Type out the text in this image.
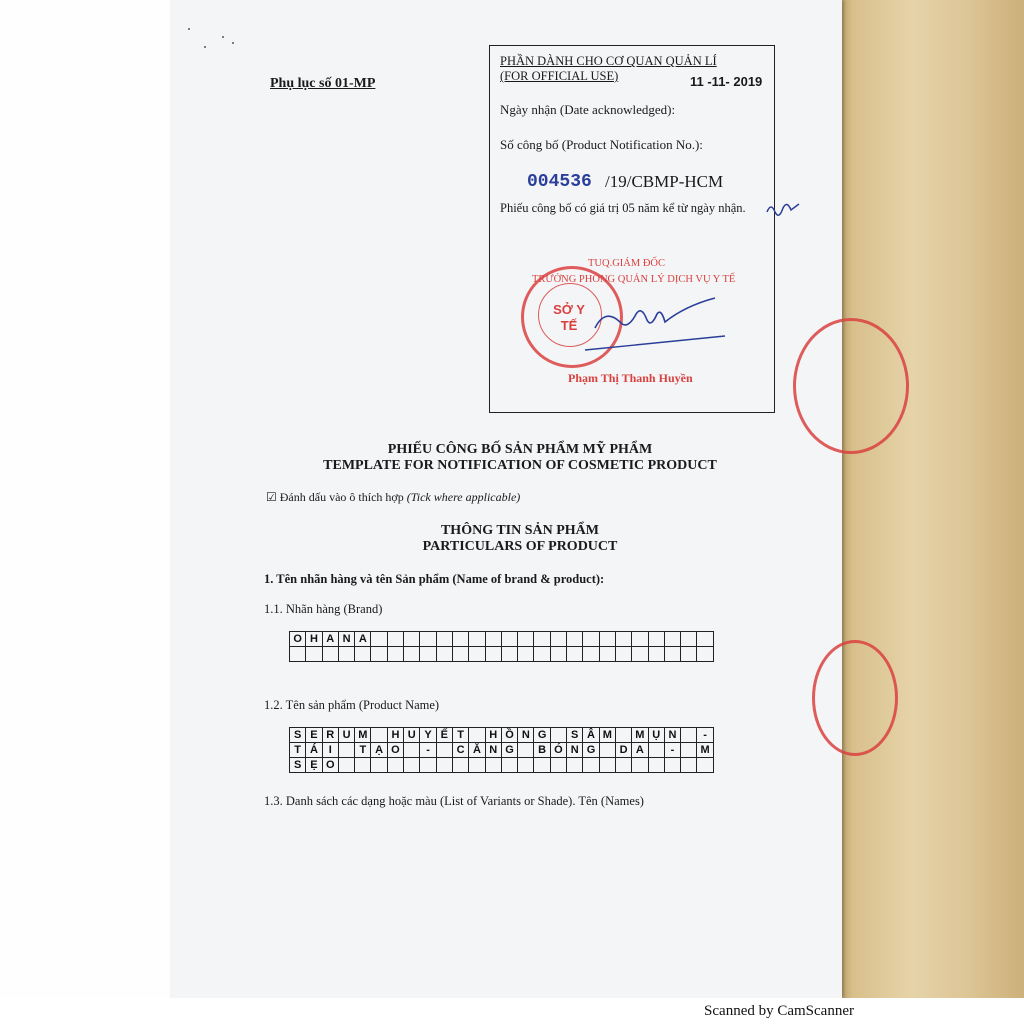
Phụ lục số 01-MP
PHẦN DÀNH CHO CƠ QUAN QUẢN LÍ
(FOR OFFICIAL USE)	11 -11- 2019
Ngày nhận (Date acknowledged):
Số công bố (Product Notification No.):
004536 /19/CBMP-HCM
Phiếu công bố có giá trị 05 năm kể từ ngày nhận.
TUQ.GIÁM ĐỐC
TRƯỞNG PHÒNG QUẢN LÝ DỊCH VỤ Y TẾ
SỞ Y TẾ
Phạm Thị Thanh Huyền
PHIẾU CÔNG BỐ SẢN PHẨM MỸ PHẨM
TEMPLATE FOR NOTIFICATION OF COSMETIC PRODUCT
☑ Đánh dấu vào ô thích hợp (Tick where applicable)
THÔNG TIN SẢN PHẨM
PARTICULARS OF PRODUCT
1. Tên nhãn hàng và tên Sản phẩm (Name of brand & product):
1.1. Nhãn hàng (Brand)
O	H	A	N	A																					

1.2. Tên sản phẩm (Product Name)
S	E	R	U	M		H	U	Y	Ế	T		H	Ồ	N	G		S	Â	M		M	Ụ	N		-
T	Á	I		T	Ạ	O		-		C	Ă	N	G		B	Ó	N	G		D	A		-		M
S	Ẹ	O																							
1.3. Danh sách các dạng hoặc màu (List of Variants or Shade). Tên (Names)
Scanned by CamScanner
